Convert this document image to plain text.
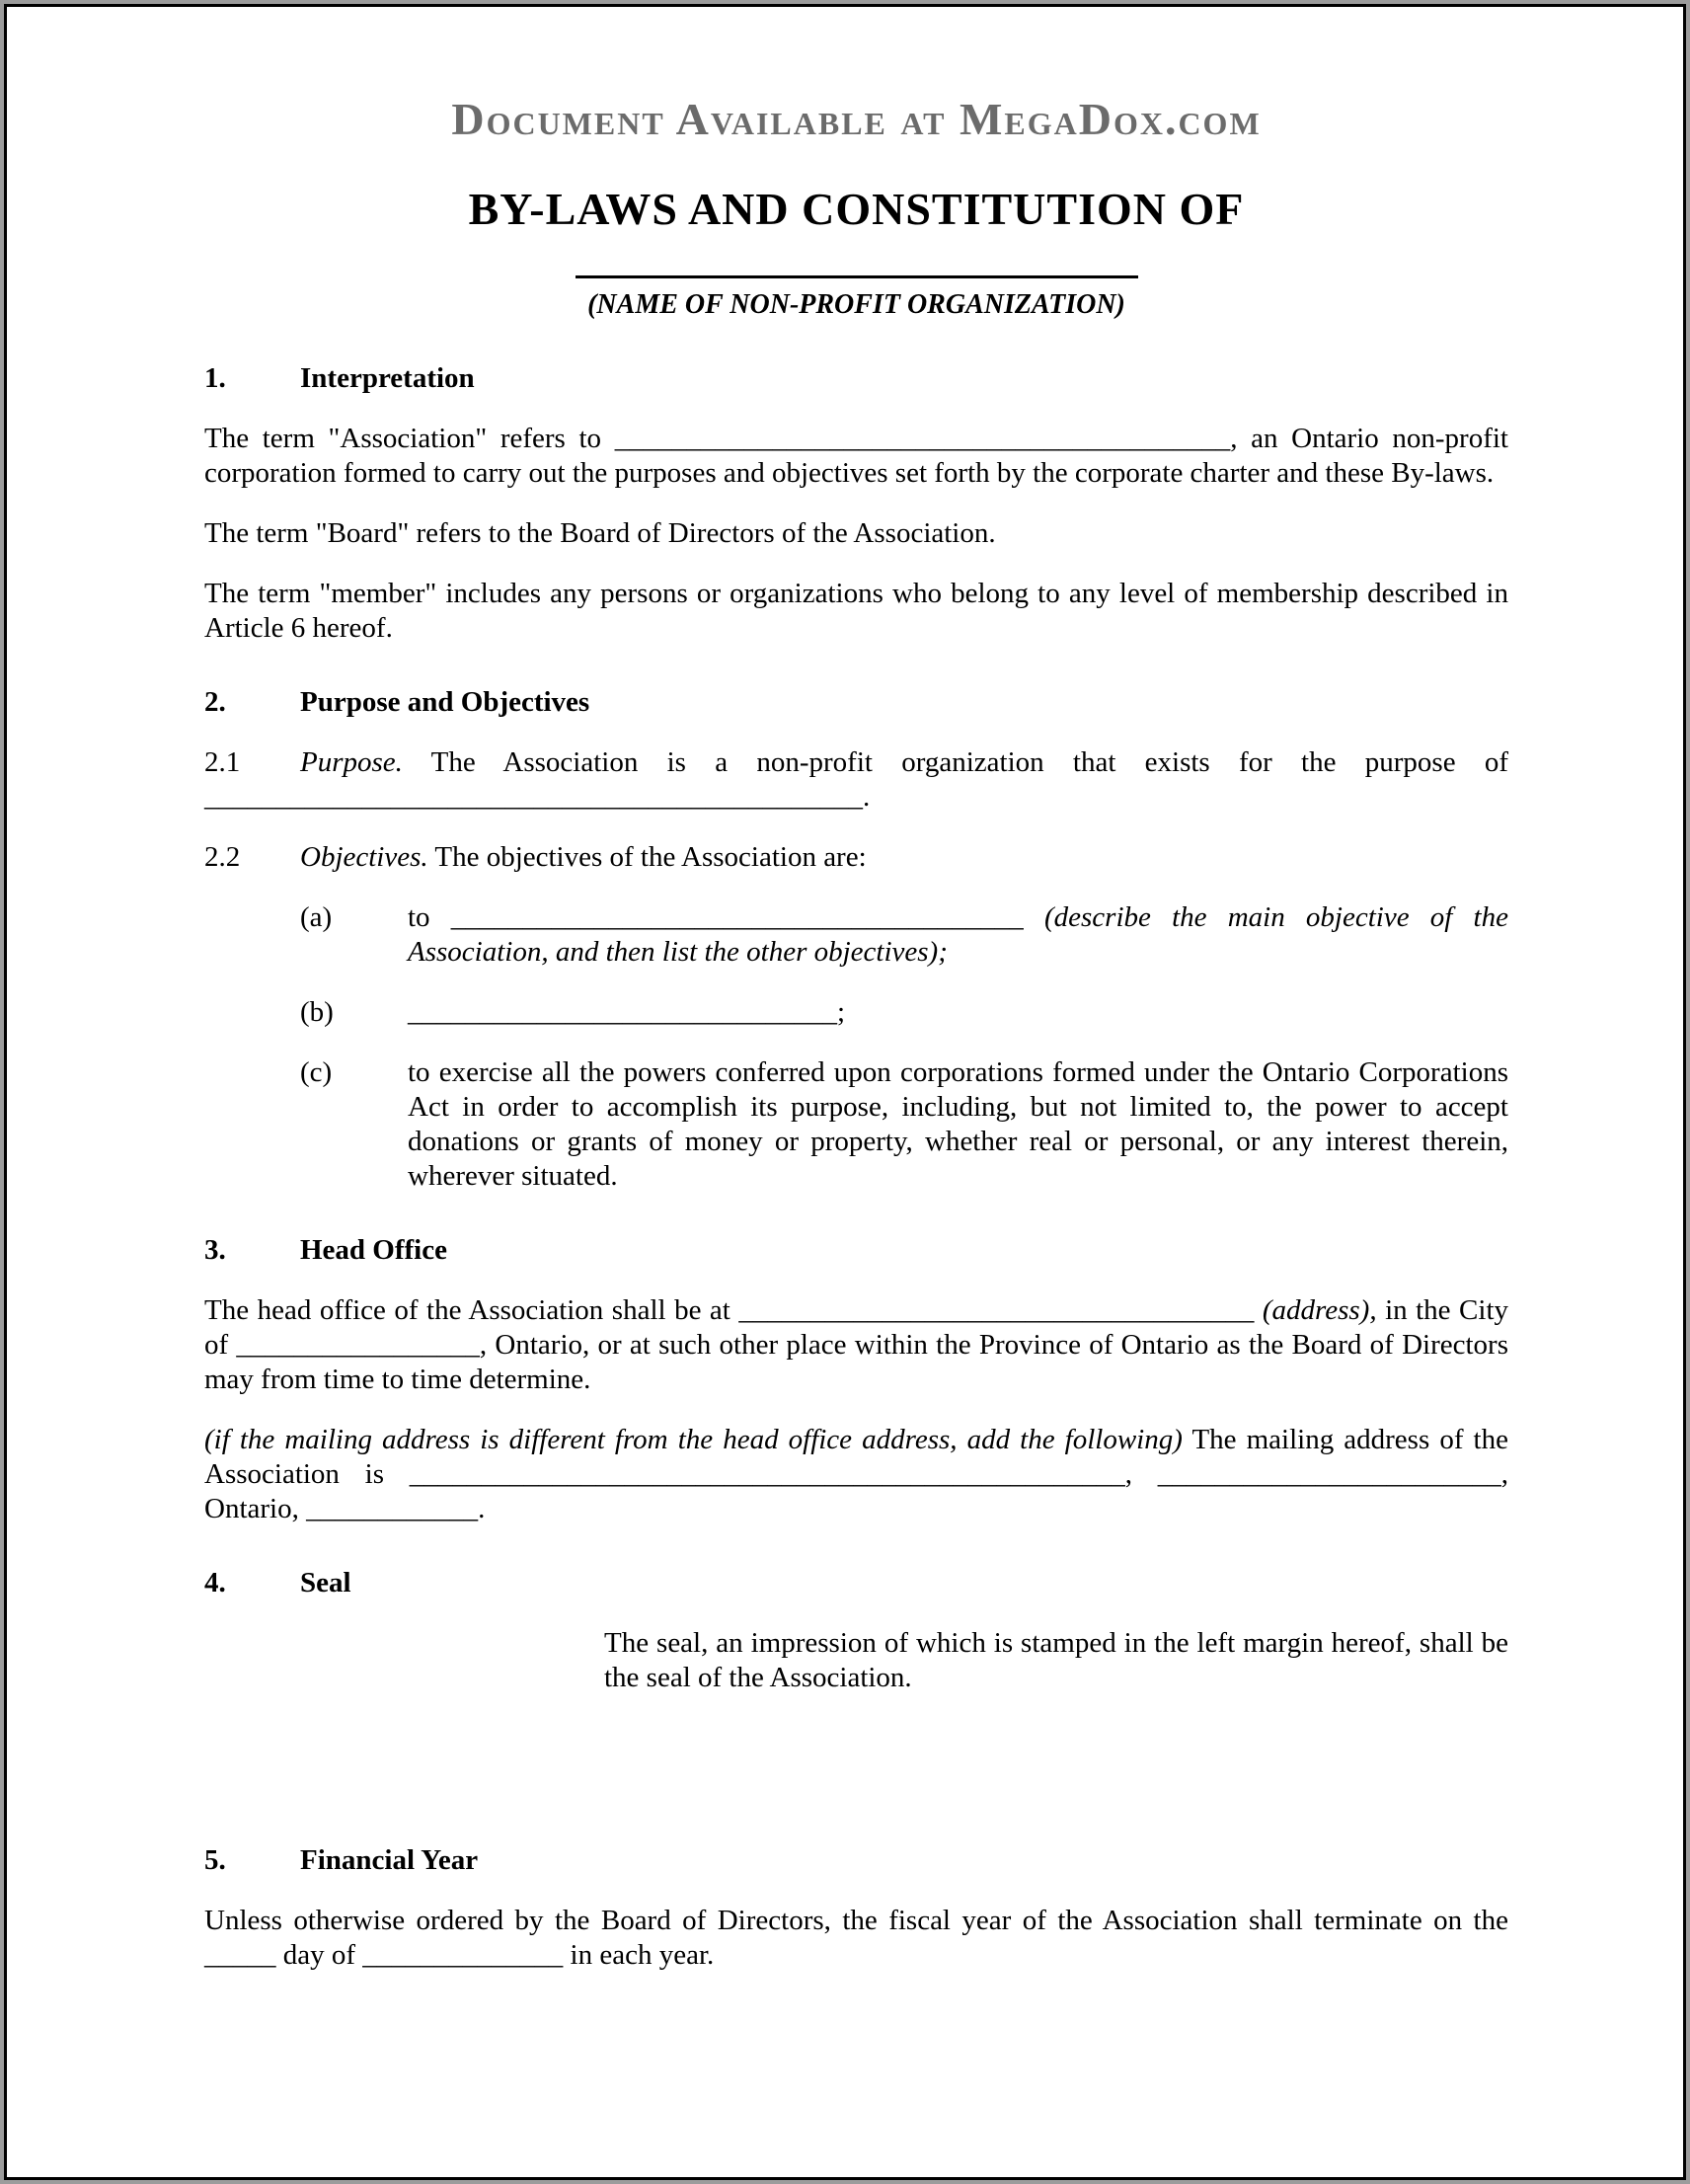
Document Available at MegaDox.com
BY-LAWS AND CONSTITUTION OF
(NAME OF NON-PROFIT ORGANIZATION)

1.	Interpretation

The term "Association" refers to ___________________________________________, an Ontario non-profit corporation formed to carry out the purposes and objectives set forth by the corporate charter and these By-laws.

The term "Board" refers to the Board of Directors of the Association.

The term "member" includes any persons or organizations who belong to any level of membership described in Article 6 hereof.

2.	Purpose and Objectives

2.1 Purpose. The Association is a non-profit organization that exists for the purpose of ______________________________________________.

2.2 Objectives. The objectives of the Association are:

(a)	to ________________________________________ (describe the main objective of the Association, and then list the other objectives);

(b)	______________________________;

(c)	to exercise all the powers conferred upon corporations formed under the Ontario Corporations Act in order to accomplish its purpose, including, but not limited to, the power to accept donations or grants of money or property, whether real or personal, or any interest therein, wherever situated.

3.	Head Office

The head office of the Association shall be at ____________________________________ (address), in the City of _________________, Ontario, or at such other place within the Province of Ontario as the Board of Directors may from time to time determine.

(if the mailing address is different from the head office address, add the following) The mailing address of the Association is __________________________________________________, ________________________, Ontario, ____________.

4.	Seal

The seal, an impression of which is stamped in the left margin hereof, shall be the seal of the Association.

5.	Financial Year

Unless otherwise ordered by the Board of Directors, the fiscal year of the Association shall terminate on the _____ day of ______________ in each year.
